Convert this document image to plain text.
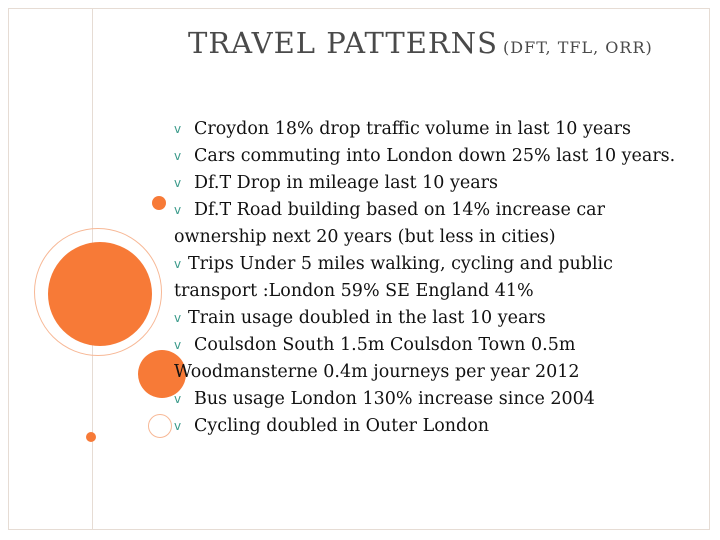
TRAVEL PATTERNS (DFT, TFL, ORR)
v Croydon 18% drop traffic volume in last 10 years
v Cars commuting into London down 25% last 10 years.
v Df.T Drop in mileage last 10 years
v Df.T Road building based on 14% increase car ownership next 20 years (but less in cities)
v Trips Under 5 miles walking, cycling and public transport :London 59% SE England 41%
v Train usage doubled in the last 10 years
v Coulsdon South 1.5m Coulsdon Town 0.5m Woodmansterne 0.4m journeys per year 2012
v Bus usage London 130% increase since 2004
v Cycling doubled in Outer London
